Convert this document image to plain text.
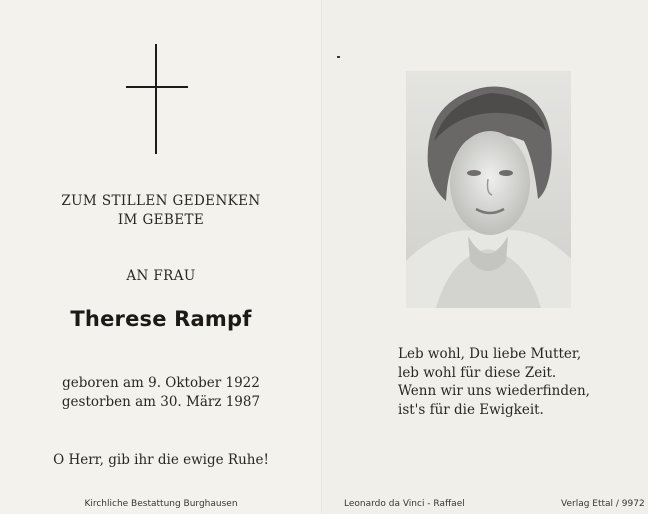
ZUM STILLEN GEDENKEN
IM GEBETE
AN FRAU
Therese Rampf
geboren am 9. Oktober 1922
gestorben am 30. März 1987
O Herr, gib ihr die ewige Ruhe!
Leb wohl, Du liebe Mutter,
leb wohl für diese Zeit.
Wenn wir uns wiederfinden,
ist's für die Ewigkeit.
Kirchliche Bestattung Burghausen	Leonardo da Vinci - Raffael	Verlag Ettal / 9972
